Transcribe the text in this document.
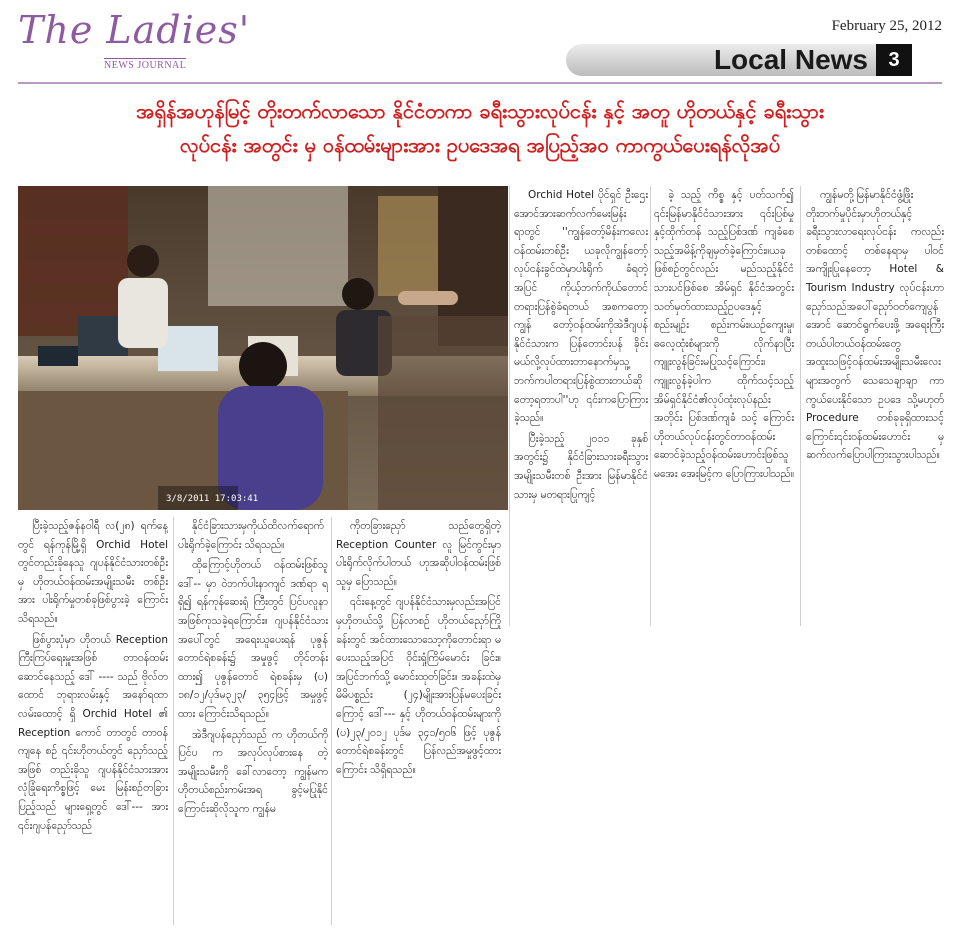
The Ladies'
NEWS JOURNAL
February 25, 2012
Local News	3
အရှိန်အဟုန်မြင့် တိုးတက်လာသော နိုင်ငံတကာ ခရီးသွားလုပ်ငန်း နှင့် အတူ ဟိုတယ်နှင့် ခရီးသွား
လုပ်ငန်း အတွင်း မှ ဝန်ထမ်းများအား ဥပဒေအရ အပြည့်အဝ ကာကွယ်ပေးရန်လိုအပ်
3/8/2011 17:03:41

ပြီးခဲ့သည့်ဇန်နဝါရီ လ(၂၈) ရက်နေ့တွင် ရန်ကုန်မြို့ရှိ Orchid Hotel တွင်တည်းခိုနေသူ ဂျပန်နိုင်ငံသားတစ်ဦးမှ ဟိုတယ်ဝန်ထမ်းအမျိုးသမီး တစ်ဦးအား ပါးရိုက်မှုတစ်ခုဖြစ်ပွားခဲ့ ကြောင်း သိရသည်။

ဖြစ်ပွားပုံမှာ ဟိုတယ် Reception ကြီးကြပ်ရေးမှူးအဖြစ် တာဝန်ထမ်းဆောင်နေသည့် ဒေါ် ---- သည် ဗိုလ်တထောင် ဘုရားလမ်းနှင့် အနော်ရထာလမ်းထောင့် ရှိ Orchid Hotel ၏ Reception ကောင် တာတွင် တာဝန်ကျနေ စဉ် ၎င်းဟိုတယ်တွင် ညှော်သည့်အဖြစ် တည်းခိုသူ ဂျပန်နိုင်ငံသားအား လုံခြုံရေးကိစ္စဖြင့် မေး မြန်းစဉ်တခြားပြည့်သည် များရှေ့တွင် ဒေါ်--- အား ၎င်းဂျပန်ညှော်သည်

နိုင်ငံခြားသားမှကိုယ်ထိလက်ရောက်ပါးရိုက်ခဲ့ကြောင်း သိရသည်။

ထိုကြောင့်ဟိုတယ် ဝန်ထမ်းဖြစ်သူ ဒေါ်-- မှာ ဝဲဘက်ပါးနာကျင် ဒဏ်ရာ ရ ရှိ၍ ရန်ကုန်ဆေးရုံ ကြီးတွင် ပြင်ပလူနာအဖြစ်ကုသခဲ့ရကြောင်း။ ဂျပန်နိုင်ငံသားအပေါ်တွင် အရေးယူပေးရန် ပုဇွန်တောင်ရဲစခန်း၌ အမှုဖွင့် တိုင်တန်းထား၍ ပုဇွန်တောင် ရဲစခန်းမှ (ပ) ၁၈/၁၂/ပုဒ်မ၃၂၃/ ၃၅၄ဖြင့် အမှုဖွင့်ထား ကြောင်းသိရသည်။

အဲဒီဂျပန်ညှော်သည် က ဟိုတယ်ကိုပြင်ပ က အလုပ်လုပ်စားနေ တဲ့ အမျိုးသမီးကို ခေါ်လာတော့ ကျွန်မက ဟိုတယ်စည်းကမ်းအရ ခွင့်မပြုနိုင်ကြောင်းဆိုလိုသူက ကျွန်မ

ကိုတခြားညှော် သည်တွေရှိတဲ့ Reception Counter လူ မြင်ကွင်းမှာ ပါးရိုက်လိုက်ပါတယ် ဟုအဆိုပါဝန်ထမ်းဖြစ်သူမှ ပြောသည်။

၎င်းနေ့တွင် ဂျပန်နိုင်ငံသားမှလည်းအပြင်မှဟိုတယ်သို့ ပြန်လာစဉ် ဟိုတယ်ညှော်ကြို ခန်းတွင် အင်ထားသောသော့ကိုတောင်းရာ မပေးသည့်အပြင် ဝိုင်းရှုံကြိမ်မောင်း ခြင်း။ အပြင်ဘက်သို့ မောင်းထုတ်ခြင်း။ အခန်းထဲမှ မိမိပစ္စည်း (၂၄)မျိုးအားပြန်မပေးခြင်းကြောင့် ဒေါ်--- နှင့် ဟိုတယ်ဝန်ထမ်းများကို (ပ)၂၃/၂၀၁၂ ပုဒ်မ ၃၄၁/၅၀၆ ဖြင့် ပုဇွန်တောင်ရဲစခန်းတွင် ပြန်လည်အမှုဖွင့်ထား ကြောင်း သိရှိရသည်။

Orchid Hotel ပိုင်ရှင် ဦးဌေးအောင်အားဆက်လက်မေးမြန်းရာတွင် ''ကျွန်တော့်မိန်းကလေးဝန်ထမ်းတစ်ဦး ယခုလိုကျွန်တော့် လုပ်ငန်းခွင်ထဲမှာပါးရိုက် ခံရတဲ့အပြင် ကိုယ့်ဘက်ကိုယ်တောင်တရားပြန်စွဲခံရတယ် အစကတော့ ကျွန် တော့်ဝန်ထမ်းကိုအဲဒီဂျပန်နိုင်ငံသားက ပြန်တောင်းပန် ခိုင်းမယ်လို့လုပ်ထားတာနောက်မှသူ့ ဘက်ကပါတရားပြန်စွဲထားတယ်ဆိုတော့ရတာပါ''ဟု ၎င်းကပြောကြားခဲ့သည်။

ပြီးခဲ့သည့် ၂၀၁၁ ခုနှစ် အတွင်း၌ နိုင်ငံခြားသားခရီးသွား အမျိုးသမီးတစ် ဦးအား မြန်မာနိုင်ငံသားမှ မတရားပြုကျင့်

ခဲ့ သည့် ကိစ္စ နှင့် ပတ်သက်၍ ၎င်းမြန်မာနိုင်ငံသားအား ၎င်းပြစ်မှု နှင့်ထိုက်တန် သည့်ပြစ်ဒဏ် ကျခံစေသည့်အမိန့်ကိုချမှတ်ခဲ့ကြောင်း။ယခုဖြစ်စဉ်တွင်လည်း မည်သည့်နိုင်ငံ သားပင်ဖြစ်စေ အိမ်ရှင် နိုင်ငံအတွင်း သတ်မှတ်ထားသည့်ဥပဒေနှင့်စည်းမျဉ်း စည်းကမ်း၊ယဉ်ကျေးမှု၊ဓလေ့ထုံးစံများကို လိုက်နာပြီးကျူးလွန်ခြင်းမပြုသင့်ကြောင်း၊ ကျူးလွန်ခဲ့ပါက ထိုက်သင့်သည့်အိမ်ရှင်နိုင်ငံ၏လုပ်ထုံးလုပ်နည်း အတိုင်း ပြစ်ဒဏ်ကျခံ သင့် ကြောင်း ဟိုတယ်လုပ်ငန်းတွင်တာဝန်ထမ်းဆောင်ခဲ့သည့်ဝန်ထမ်းဟောင်းဖြစ်သူ မအေး အေးမြင့်က ပြောကြားပါသည်။

ကျွန်မတို့မြန်မာနိုင်ငံဖွံ့ဖြိုး တိုးတက်မှုပိုင်းမှာဟိုတယ်နှင့် ခရီးသွားလာရေးလုပ်ငန်း ကလည်း တစ်ထောင့် တစ်နေရာမှ ပါဝင်အကျိုးပြုနေတော့ Hotel & Tourism Industry လုပ်ငန်းဟာ ညှော်သည်အပေါ်ညှော်ဝတ်ကျေပွန်အောင် ဆောင်ရွက်ပေးဖို့ အရေးကြီးတယ်ပါတယ်ဝန်ထမ်းတွေ အထူးသဖြင့်ဝန်ထမ်းအမျိုးသမီးလေးများအတွက် သေသေချာချာ ကာကွယ်ပေးနိုင်သော ဥပဒေ သို့မဟုတ် Procedure တစ်ခုခုရှိထားသင့်ကြောင်း၎င်းဝန်ထမ်းဟောင်း မှဆက်လက်ပြောပါကြားသွားပါသည်။
